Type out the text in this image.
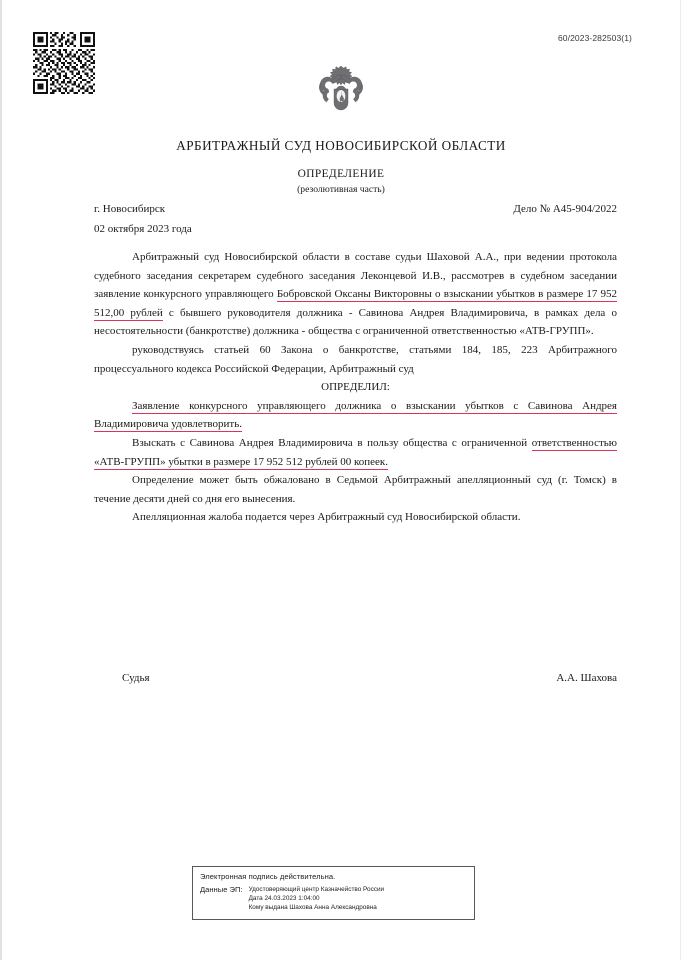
60/2023-282503(1)
АРБИТРАЖНЫЙ СУД НОВОСИБИРСКОЙ ОБЛАСТИ
ОПРЕДЕЛЕНИЕ
(резолютивная часть)
г. Новосибирск	Дело № А45-904/2022
02 октября 2023 года

Арбитражный суд Новосибирской области в составе судьи Шаховой А.А., при ведении протокола судебного заседания секретарем судебного заседания Леконцевой И.В., рассмотрев в судебном заседании заявление конкурсного управляющего Бобровской Оксаны Викторовны о взыскании убытков в размере 17 952 512,00 рублей с бывшего руководителя должника - Савинова Андрея Владимировича, в рамках дела о несостоятельности (банкротстве) должника - общества с ограниченной ответственностью «АТВ-ГРУПП».

руководствуясь статьей 60 Закона о банкротстве, статьями 184, 185, 223 Арбитражного процессуального кодекса Российской Федерации, Арбитражный суд

ОПРЕДЕЛИЛ:

Заявление конкурсного управляющего должника о взыскании убытков с Савинова Андрея Владимировича удовлетворить.

Взыскать с Савинова Андрея Владимировича в пользу общества с ограниченной ответственностью «АТВ-ГРУПП» убытки в размере 17 952 512 рублей 00 копеек.

Определение может быть обжаловано в Седьмой Арбитражный апелляционный суд (г. Томск) в течение десяти дней со дня его вынесения.

Апелляционная жалоба подается через Арбитражный суд Новосибирской области.

Судья	А.А. Шахова
Электронная подпись действительна.
Данные ЭП: Удостоверяющий центр Казначейство России
Дата 24.03.2023 1:04:00
Кому выдана Шахова Анна Александровна
